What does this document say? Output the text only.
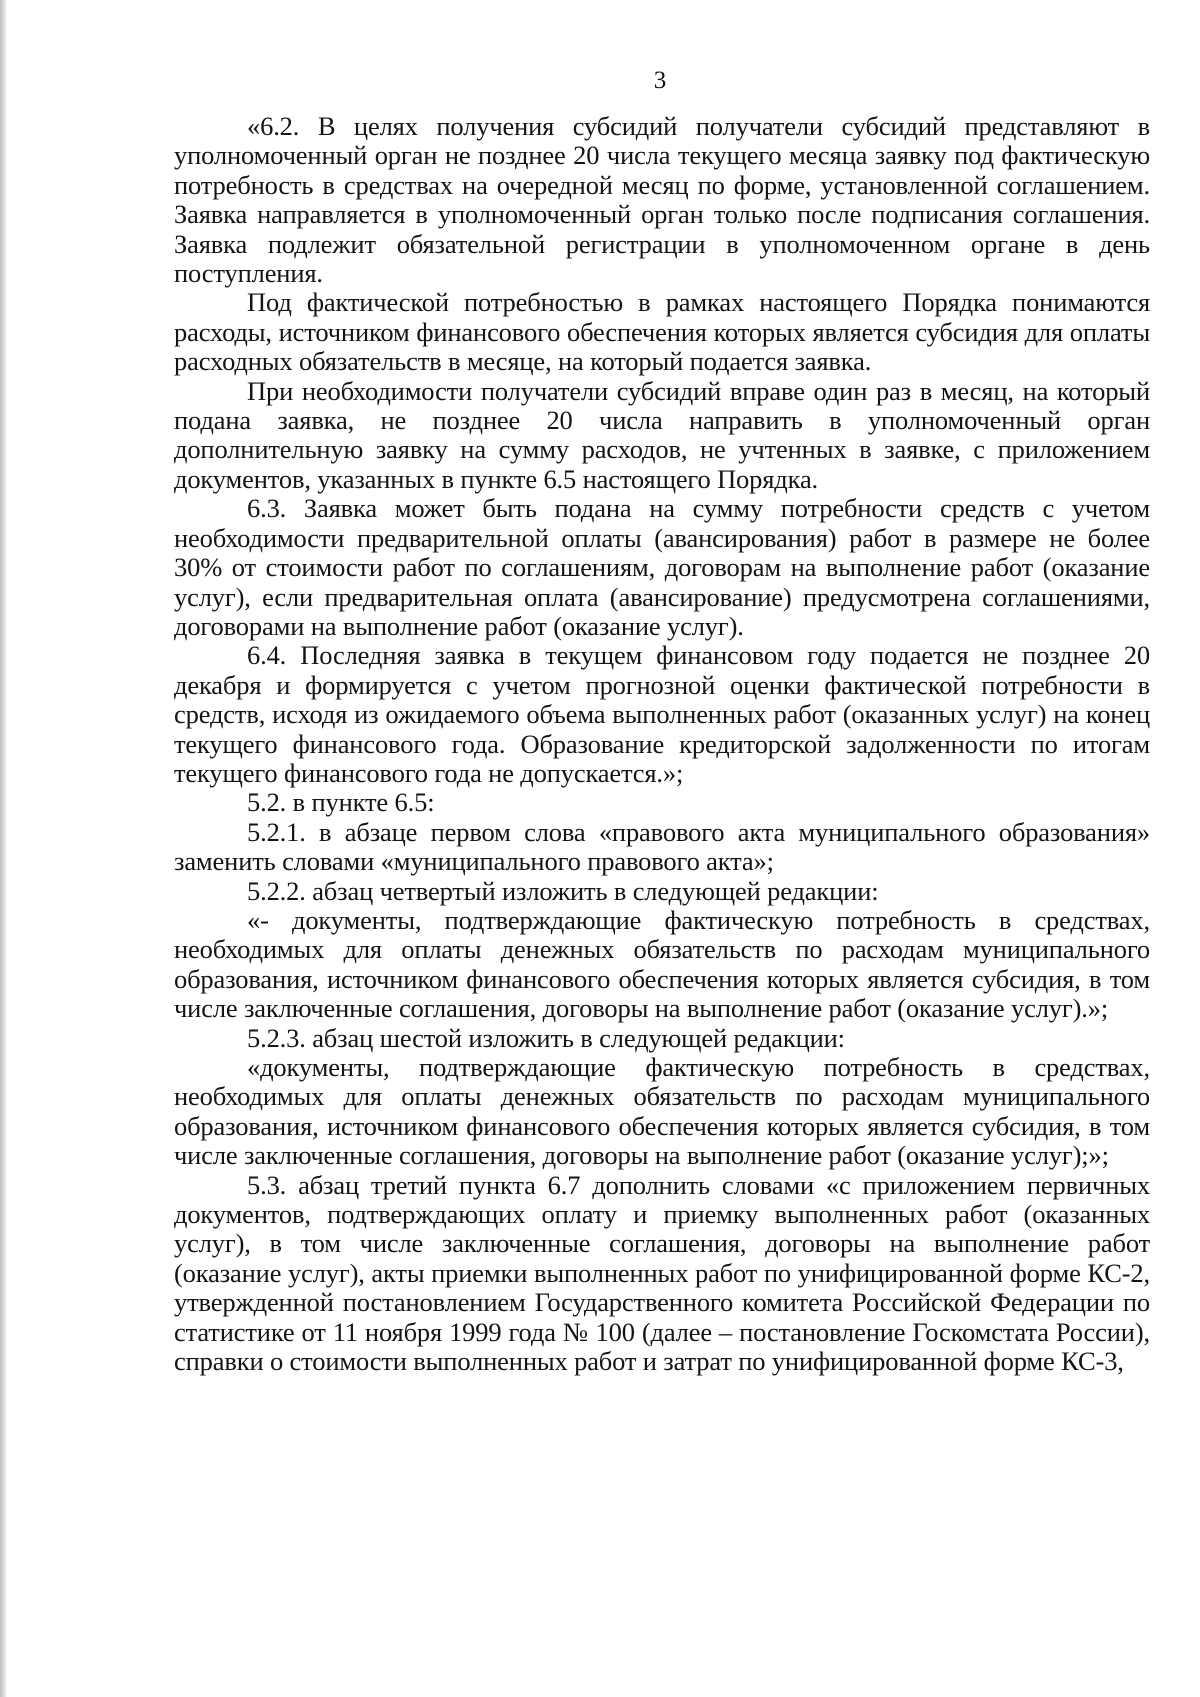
3

«6.2. В целях получения субсидий получатели субсидий представляют в уполномоченный орган не позднее 20 числа текущего месяца заявку под фактическую потребность в средствах на очередной месяц по форме, установленной соглашением. Заявка направляется в уполномоченный орган только после подписания соглашения. Заявка подлежит обязательной регистрации в уполномоченном органе в день поступления.

Под фактической потребностью в рамках настоящего Порядка понимаются расходы, источником финансового обеспечения которых является субсидия для оплаты расходных обязательств в месяце, на который подается заявка.

При необходимости получатели субсидий вправе один раз в месяц, на который подана заявка, не позднее 20 числа направить в уполномоченный орган дополнительную заявку на сумму расходов, не учтенных в заявке, с приложением документов, указанных в пункте 6.5 настоящего Порядка.

6.3. Заявка может быть подана на сумму потребности средств с учетом необходимости предварительной оплаты (авансирования) работ в размере не более 30% от стоимости работ по соглашениям, договорам на выполнение работ (оказание услуг), если предварительная оплата (авансирование) предусмотрена соглашениями, договорами на выполнение работ (оказание услуг).

6.4. Последняя заявка в текущем финансовом году подается не позднее 20 декабря и формируется с учетом прогнозной оценки фактической потребности в средств, исходя из ожидаемого объема выполненных работ (оказанных услуг) на конец текущего финансового года. Образование кредиторской задолженности по итогам текущего финансового года не допускается.»;

5.2. в пункте 6.5:

5.2.1. в абзаце первом слова «правового акта муниципального образования» заменить словами «муниципального правового акта»;

5.2.2. абзац четвертый изложить в следующей редакции:

«- документы, подтверждающие фактическую потребность в средствах, необходимых для оплаты денежных обязательств по расходам муниципального образования, источником финансового обеспечения которых является субсидия, в том числе заключенные соглашения, договоры на выполнение работ (оказание услуг).»;

5.2.3. абзац шестой изложить в следующей редакции:

«документы, подтверждающие фактическую потребность в средствах, необходимых для оплаты денежных обязательств по расходам муниципального образования, источником финансового обеспечения которых является субсидия, в том числе заключенные соглашения, договоры на выполнение работ (оказание услуг);»;

5.3. абзац третий пункта 6.7 дополнить словами «с приложением первичных документов, подтверждающих оплату и приемку выполненных работ (оказанных услуг), в том числе заключенные соглашения, договоры на выполнение работ (оказание услуг), акты приемки выполненных работ по унифицированной форме КС-2, утвержденной постановлением Государственного комитета Российской Федерации по статистике от 11 ноября 1999 года № 100 (далее – постановление Госкомстата России), справки о стоимости выполненных работ и затрат по унифицированной форме КС-3,
